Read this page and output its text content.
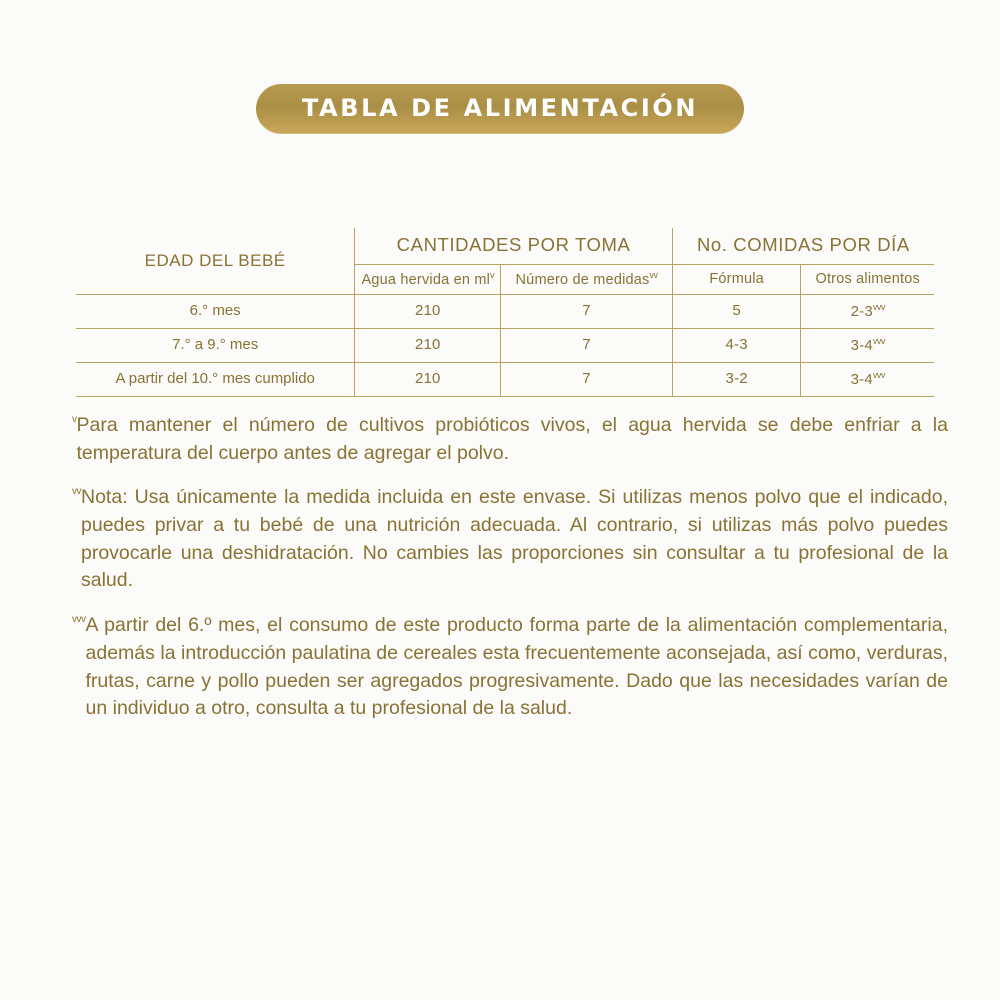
TABLA DE ALIMENTACIÓN
EDAD DEL BEBÉ	CANTIDADES POR TOMA		No. COMIDAS POR DÍA	
	Agua hervida en $ml^v$	Número de medidas$^{vv}$	Fórmula	Otros alimentos
6.° mes	210	7	5	2-3$^{vvv}$
7.° a 9.° mes	210	7	4-3	3-4$^{vvv}$
A partir del 10.° mes cumplido	210	7	3-2	3-4$^{vvv}$
v Para mantener el número de cultivos probióticos vivos, el agua hervida se debe enfriar a la temperatura del cuerpo antes de agregar el polvo.
vv Nota: Usa únicamente la medida incluida en este envase. Si utilizas menos polvo que el indicado, puedes privar a tu bebé de una nutrición adecuada. Al contrario, si utilizas más polvo puedes provocarle una deshidratación. No cambies las proporciones sin consultar a tu profesional de la salud.
vvv A partir del 6.º mes, el consumo de este producto forma parte de la alimentación complementaria, además la introducción paulatina de cereales esta frecuentemente aconsejada, así como, verduras, frutas, carne y pollo pueden ser agregados progresivamente. Dado que las necesidades varían de un individuo a otro, consulta a tu profesional de la salud.
